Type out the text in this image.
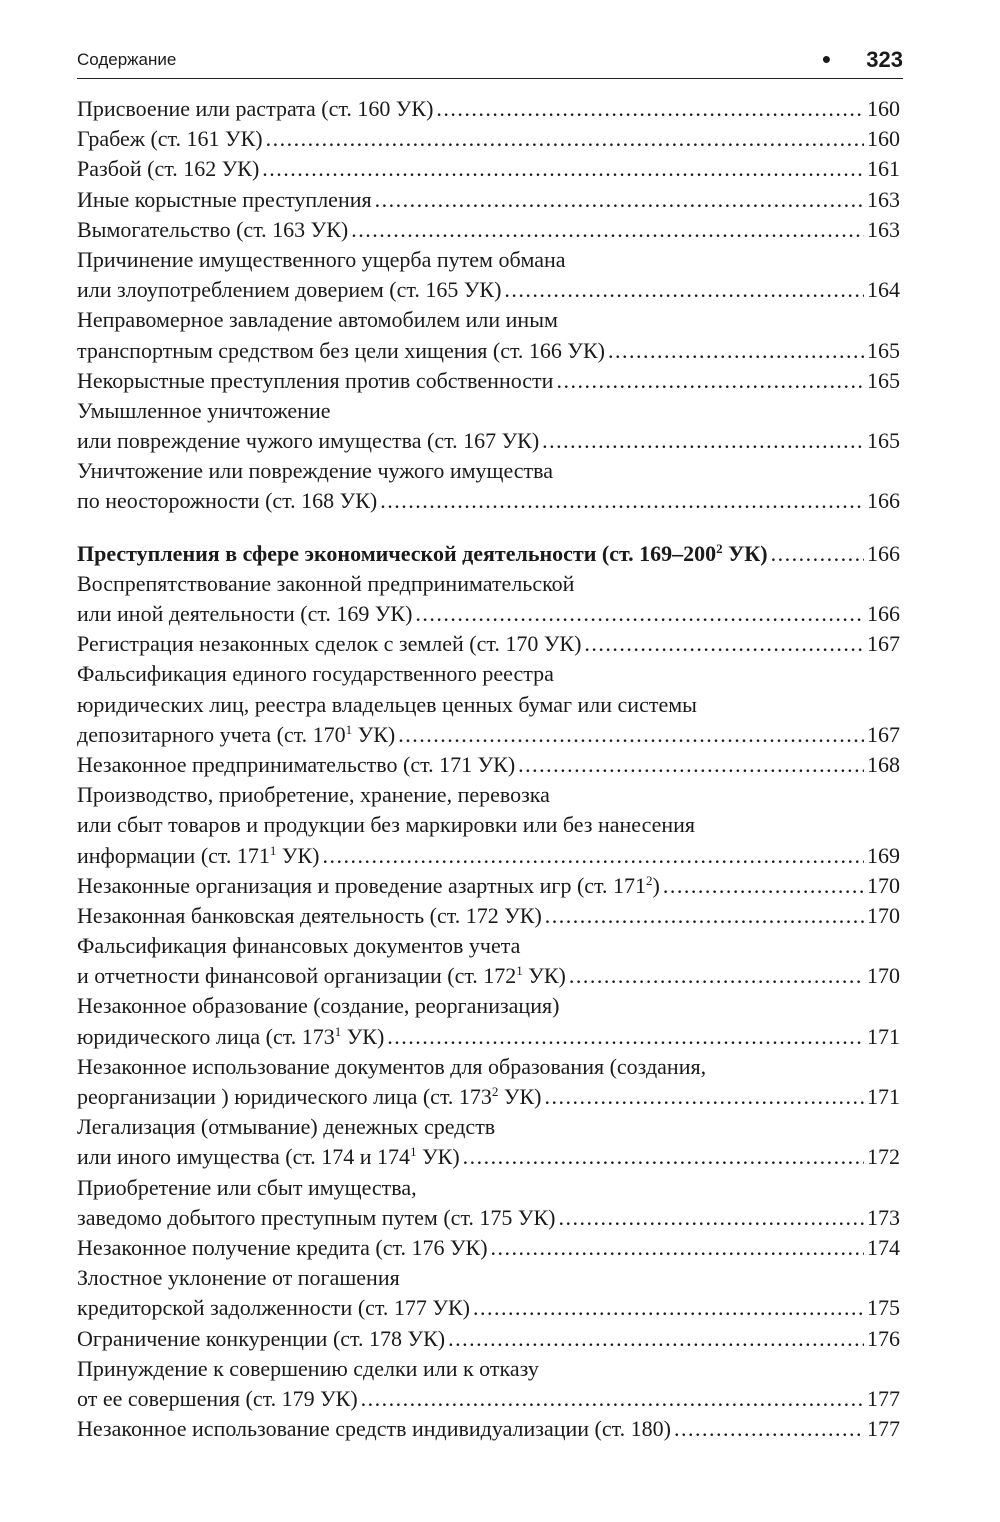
Содержание	• 323
Присвоение или растрата (ст. 160 УК) . . .	160
Грабеж (ст. 161 УК) . . .	160
Разбой (ст. 162 УК) . . .	161
Иные корыстные преступления . . .	163
Вымогательство (ст. 163 УК) . . .	163
Причинение имущественного ущерба путем обмана
или злоупотреблением доверием (ст. 165 УК) . . .	164
Неправомерное завладение автомобилем или иным
транспортным средством без цели хищения (ст. 166 УК) . . .	165
Некорыстные преступления против собственности . . .	165
Умышленное уничтожение
или повреждение чужого имущества (ст. 167 УК) . . .	165
Уничтожение или повреждение чужого имущества
по неосторожности (ст. 168 УК) . . .	166
Преступления в сфере экономической деятельности (ст. $169-200^2$ УК) . . .	166
Воспрепятствование законной предпринимательской
или иной деятельности (ст. 169 УК) . . .	166
Регистрация незаконных сделок с землей (ст. 170 УК) . . .	167
Фальсификация единого государственного реестра
юридических лиц, реестра владельцев ценных бумаг или системы
депозитарного учета (ст. $170^1$ УК) . . .	167
Незаконное предпринимательство (ст. 171 УК) . . .	168
Производство, приобретение, хранение, перевозка
или сбыт товаров и продукции без маркировки или без нанесения
информации (ст. $171^1$ УК) . . .	169
Незаконные организация и проведение азартных игр (ст. $171^2$) . . .	170
Незаконная банковская деятельность (ст. 172 УК) . . .	170
Фальсификация финансовых документов учета
и отчетности финансовой организации (ст. $172^1$ УК) . . .	170
Незаконное образование (создание, реорганизация)
юридического лица (ст. $173^1$ УК) . . .	171
Незаконное использование документов для образования (создания,
реорганизации ) юридического лица (ст. $173^2$ УК) . . .	171
Легализация (отмывание) денежных средств
или иного имущества (ст. 174 и $174^1$ УК) . . .	172
Приобретение или сбыт имущества,
заведомо добытого преступным путем (ст. 175 УК) . . .	173
Незаконное получение кредита (ст. 176 УК) . . .	174
Злостное уклонение от погашения
кредиторской задолженности (ст. 177 УК) . . .	175
Ограничение конкуренции (ст. 178 УК) . . .	176
Принуждение к совершению сделки или к отказу
от ее совершения (ст. 179 УК) . . .	177
Незаконное использование средств индивидуализации (ст. 180) . . .	177
